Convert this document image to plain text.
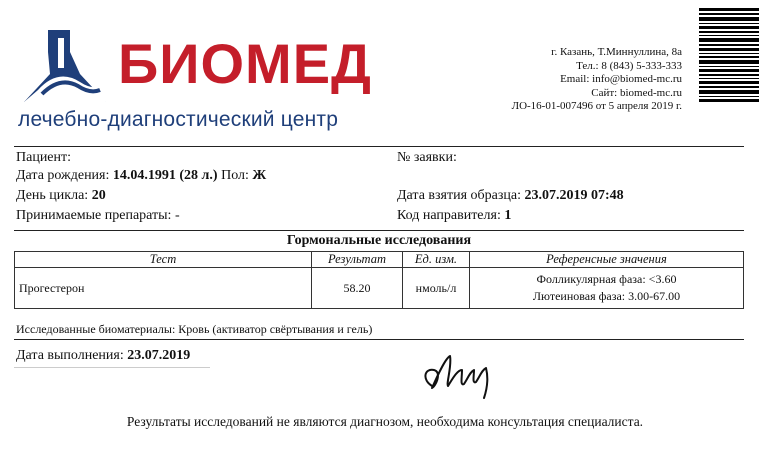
БИОМЕД
лечебно-диагностический центр
г. Казань, Т.Миннуллина, 8а
Тел.: 8 (843) 5-333-333
Email: info@biomed-mc.ru
Сайт: biomed-mc.ru
ЛО-16-01-007496 от 5 апреля 2019 г.
Пациент:
Дата рождения: 14.04.1991 (28 л.) Пол: Ж
День цикла: 20
Принимаемые препараты: -
№ заявки:
Дата взятия образца: 23.07.2019 07:48
Код направителя: 1
Гормональные исследования
Тест	Результат	Ед. изм.	Референсные значения
Прогестерон	58.20	нмоль/л	Фолликулярная фаза: <3.60
Лютеиновая фаза: 3.00-67.00
Исследованные биоматериалы: Кровь (активатор свёртывания и гель)
Дата выполнения: 23.07.2019
Результаты исследований не являются диагнозом, необходима консультация специалиста.
